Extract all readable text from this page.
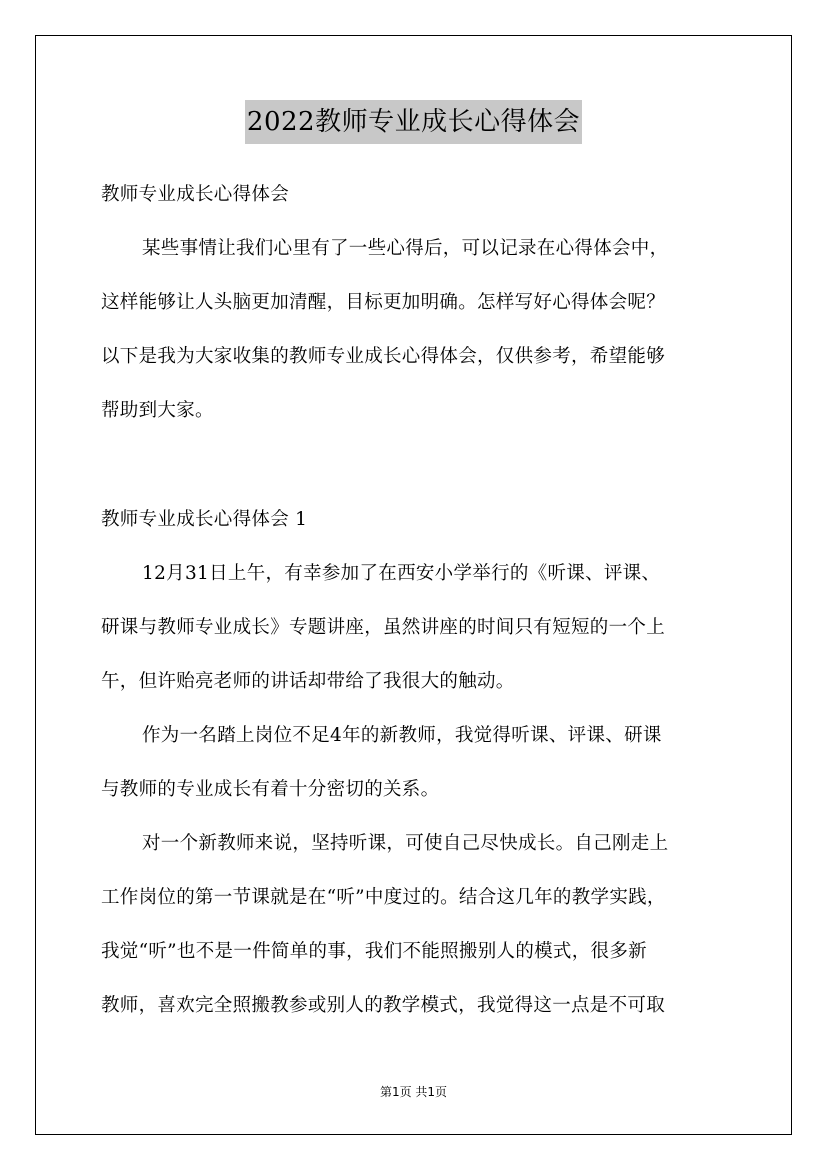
2022教师专业成长心得体会
教师专业成长心得体会
某些事情让我们心里有了一些心得后，可以记录在心得体会中，
这样能够让人头脑更加清醒，目标更加明确。怎样写好心得体会呢？
以下是我为大家收集的教师专业成长心得体会，仅供参考，希望能够
帮助到大家。
教师专业成长心得体会 1
12月31日上午，有幸参加了在西安小学举行的《听课、评课、
研课与教师专业成长》专题讲座，虽然讲座的时间只有短短的一个上
午，但许贻亮老师的讲话却带给了我很大的触动。
作为一名踏上岗位不足4年的新教师，我觉得听课、评课、研课
与教师的专业成长有着十分密切的关系。
对一个新教师来说，坚持听课，可使自己尽快成长。自己刚走上
工作岗位的第一节课就是在“听”中度过的。结合这几年的教学实践，
我觉“听”也不是一件简单的事，我们不能照搬别人的模式，很多新
教师，喜欢完全照搬教参或别人的教学模式，我觉得这一点是不可取
第1页 共1页
